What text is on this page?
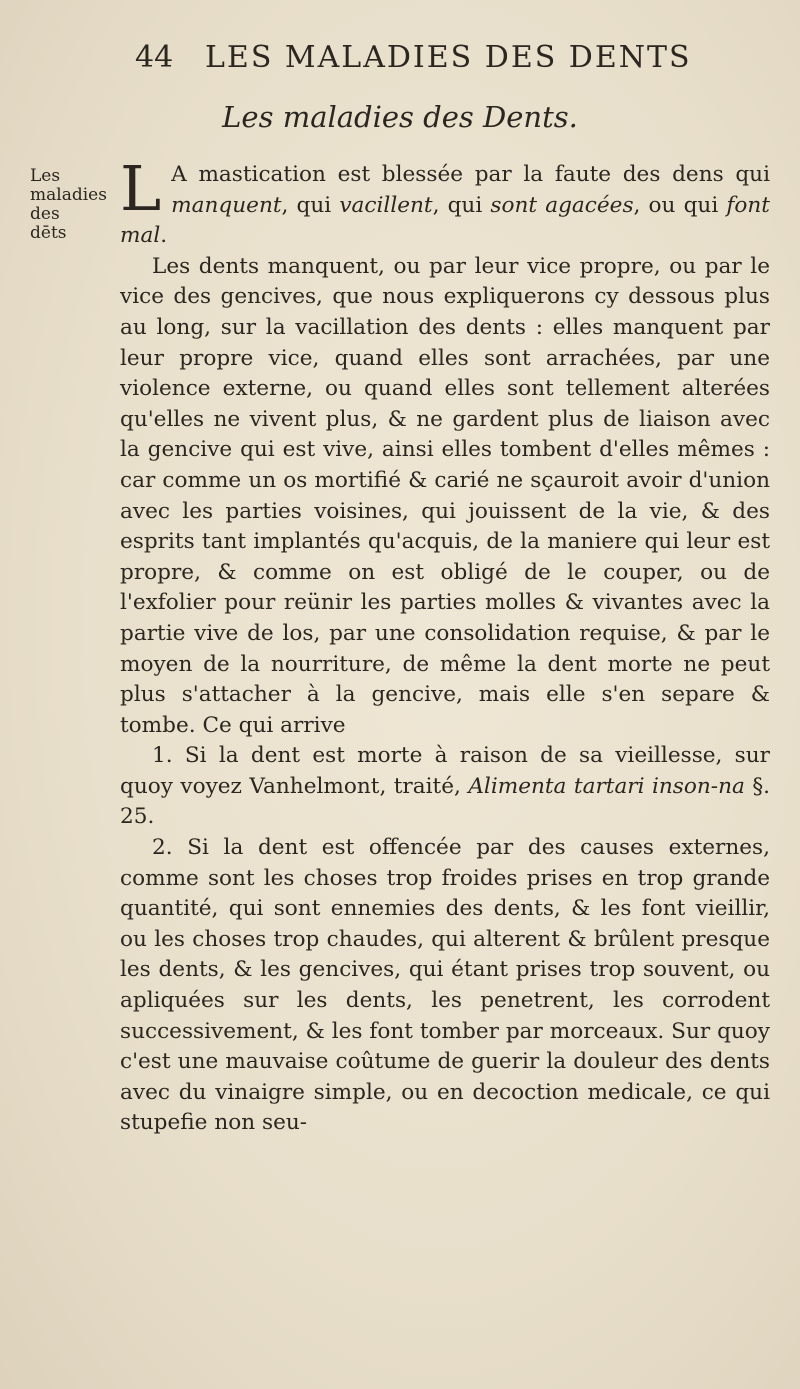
44	LES MALADIES DES DENTS
Les maladies des Dents.
Les maladies des dēts

L A mastication est blessée par la faute des dens qui manquent, qui vacillent, qui sont agacées, ou qui font mal.

Les dents manquent, ou par leur vice propre, ou par le vice des gencives, que nous expliquerons cy dessous plus au long, sur la vacillation des dents : elles manquent par leur propre vice, quand elles sont arrachées, par une violence externe, ou quand elles sont tellement alterées qu'elles ne vivent plus, & ne gardent plus de liaison avec la gencive qui est vive, ainsi elles tombent d'elles mêmes : car comme un os mortifié & carié ne sçauroit avoir d'union avec les parties voisines, qui jouissent de la vie, & des esprits tant implantés qu'acquis, de la maniere qui leur est propre, & comme on est obligé de le couper, ou de l'exfolier pour reünir les parties molles & vivantes avec la partie vive de los, par une consolidation requise, & par le moyen de la nourriture, de même la dent morte ne peut plus s'attacher à la gencive, mais elle s'en separe & tombe. Ce qui arrive

1. Si la dent est morte à raison de sa vieillesse, sur quoy voyez Vanhelmont, traité, Alimenta tartari inson-na §. 25.

2. Si la dent est offencée par des causes externes, comme sont les choses trop froides prises en trop grande quantité, qui sont ennemies des dents, & les font vieillir, ou les choses trop chaudes, qui alterent & brûlent presque les dents, & les gencives, qui étant prises trop souvent, ou apliquées sur les dents, les penetrent, les corrodent successivement, & les font tomber par morceaux. Sur quoy c'est une mauvaise coûtume de guerir la douleur des dents avec du vinaigre simple, ou en decoction medicale, ce qui stupefie non seu-
